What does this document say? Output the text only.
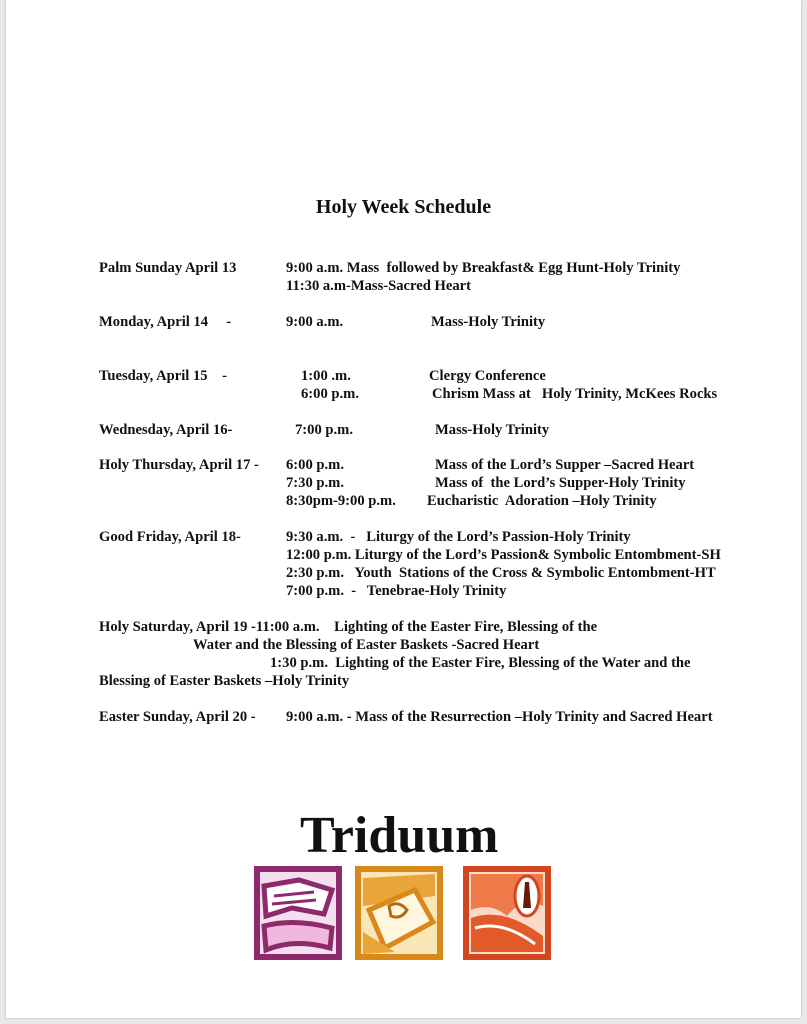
Holy Week Schedule
Palm Sunday April 13	9:00 a.m. Mass  followed by Breakfast& Egg Hunt-Holy Trinity
11:30 a.m-Mass-Sacred Heart
Monday, April 14     -	9:00 a.m.	Mass-Holy Trinity
Tuesday, April 15    -	1:00 .m.	Clergy Conference
6:00 p.m.	Chrism Mass at   Holy Trinity, McKees Rocks
Wednesday, April 16-	7:00 p.m.	Mass-Holy Trinity
Holy Thursday, April 17 - 6:00 p.m.	Mass of the Lord’s Supper –Sacred Heart
7:30 p.m.	Mass of  the Lord’s Supper-Holy Trinity
8:30pm-9:00 p.m. Eucharistic  Adoration –Holy Trinity
Good Friday, April 18-	9:30 a.m.  -   Liturgy of the Lord’s Passion-Holy Trinity
12:00 p.m. Liturgy of the Lord’s Passion& Symbolic Entombment-SH
2:30 p.m.   Youth  Stations of the Cross & Symbolic Entombment-HT
7:00 p.m.  -   Tenebrae-Holy Trinity
Holy Saturday, April 19 -11:00 a.m.    Lighting of the Easter Fire, Blessing of the
Water and the Blessing of Easter Baskets -Sacred Heart
1:30 p.m.  Lighting of the Easter Fire, Blessing of the Water and the
Blessing of Easter Baskets –Holy Trinity
Easter Sunday, April 20 - 9:00 a.m. - Mass of the Resurrection –Holy Trinity and Sacred Heart
Triduum
